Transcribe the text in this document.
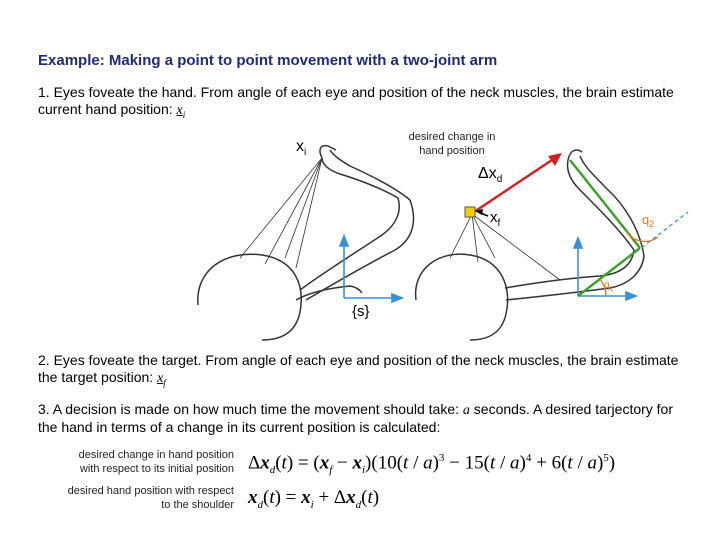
Example: Making a point to point movement with a two-joint arm
1. Eyes foveate the hand. From angle of each eye and position of the neck muscles, the brain estimate current hand position: $x_i$
desired change in hand position
$x_i$
{s}
$q_1$
$q_2$
$\Delta x_d$
$x_f$
2. Eyes foveate the target. From angle of each eye and position of the neck muscles, the brain estimate the target position: $x_f$
3. A decision is made on how much time the movement should take: a seconds. A desired tarjectory for the hand in terms of a change in its current position is calculated:
desired change in hand position with respect to its initial position
desired hand position with respect to the shoulder
$\Delta x_d(t) = (x_f - x_i)(10(t / a)^3 - 15(t / a)^4 + 6(t / a)^5)$
$x_d(t) = x_i + \Delta x_d(t)$
